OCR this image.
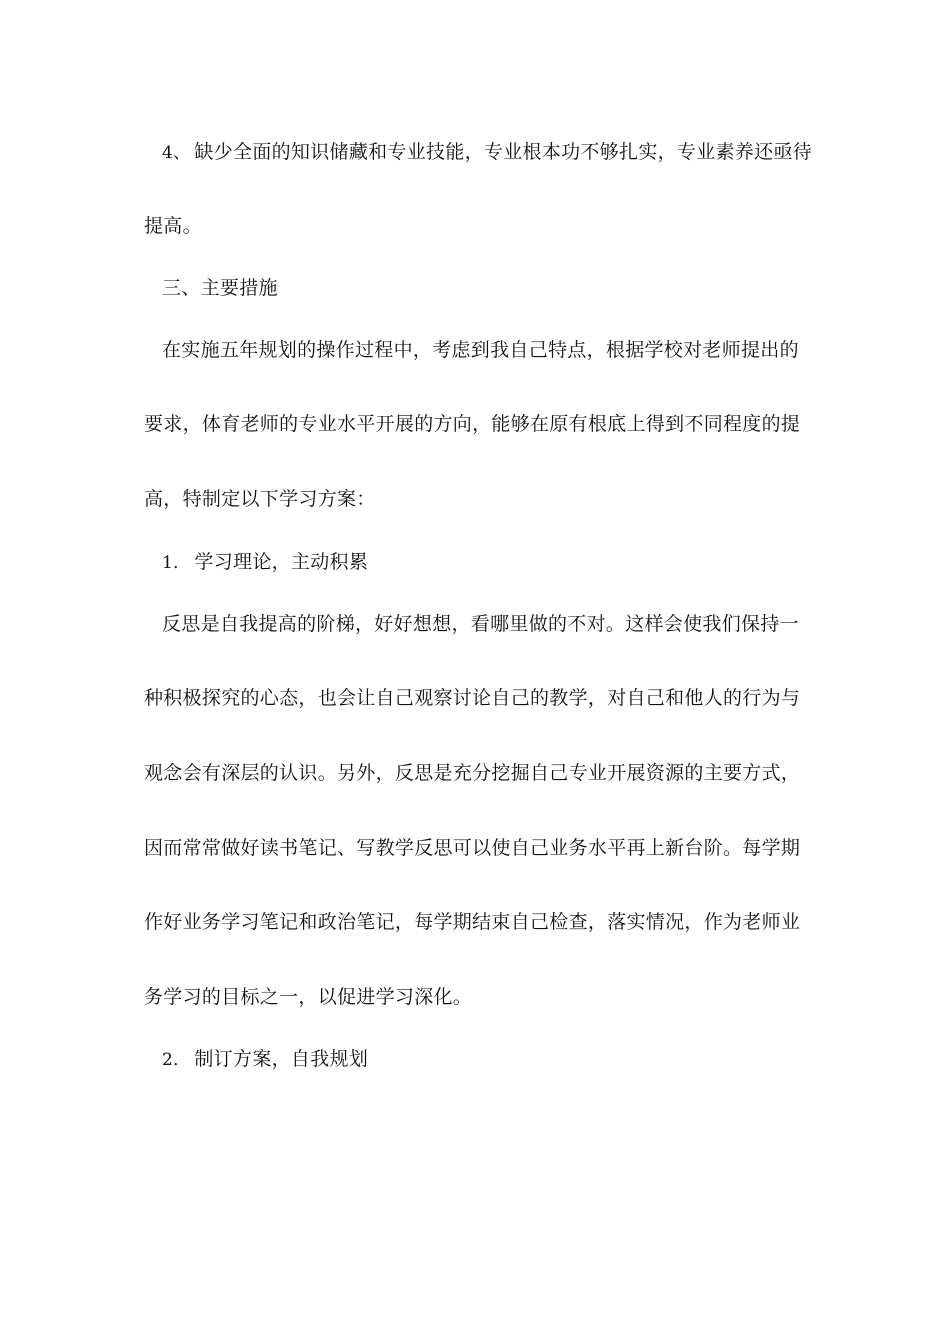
4、 缺少全面的知识储藏和专业技能，专业根本功不够扎实，专业素养还亟待
提高。
三、主要措施
在实施五年规划的操作过程中，考虑到我自己特点，根据学校对老师提出的
要求，体育老师的专业水平开展的方向，能够在原有根底上得到不同程度的提
高，特制定以下学习方案：
1． 学习理论，主动积累
反思是自我提高的阶梯，好好想想，看哪里做的不对。这样会使我们保持一
种积极探究的心态，也会让自己观察讨论自己的教学，对自己和他人的行为与
观念会有深层的认识。另外，反思是充分挖掘自己专业开展资源的主要方式，
因而常常做好读书笔记、写教学反思可以使自己业务水平再上新台阶。每学期
作好业务学习笔记和政治笔记，每学期结束自己检查，落实情况，作为老师业
务学习的目标之一，以促进学习深化。
2． 制订方案，自我规划
